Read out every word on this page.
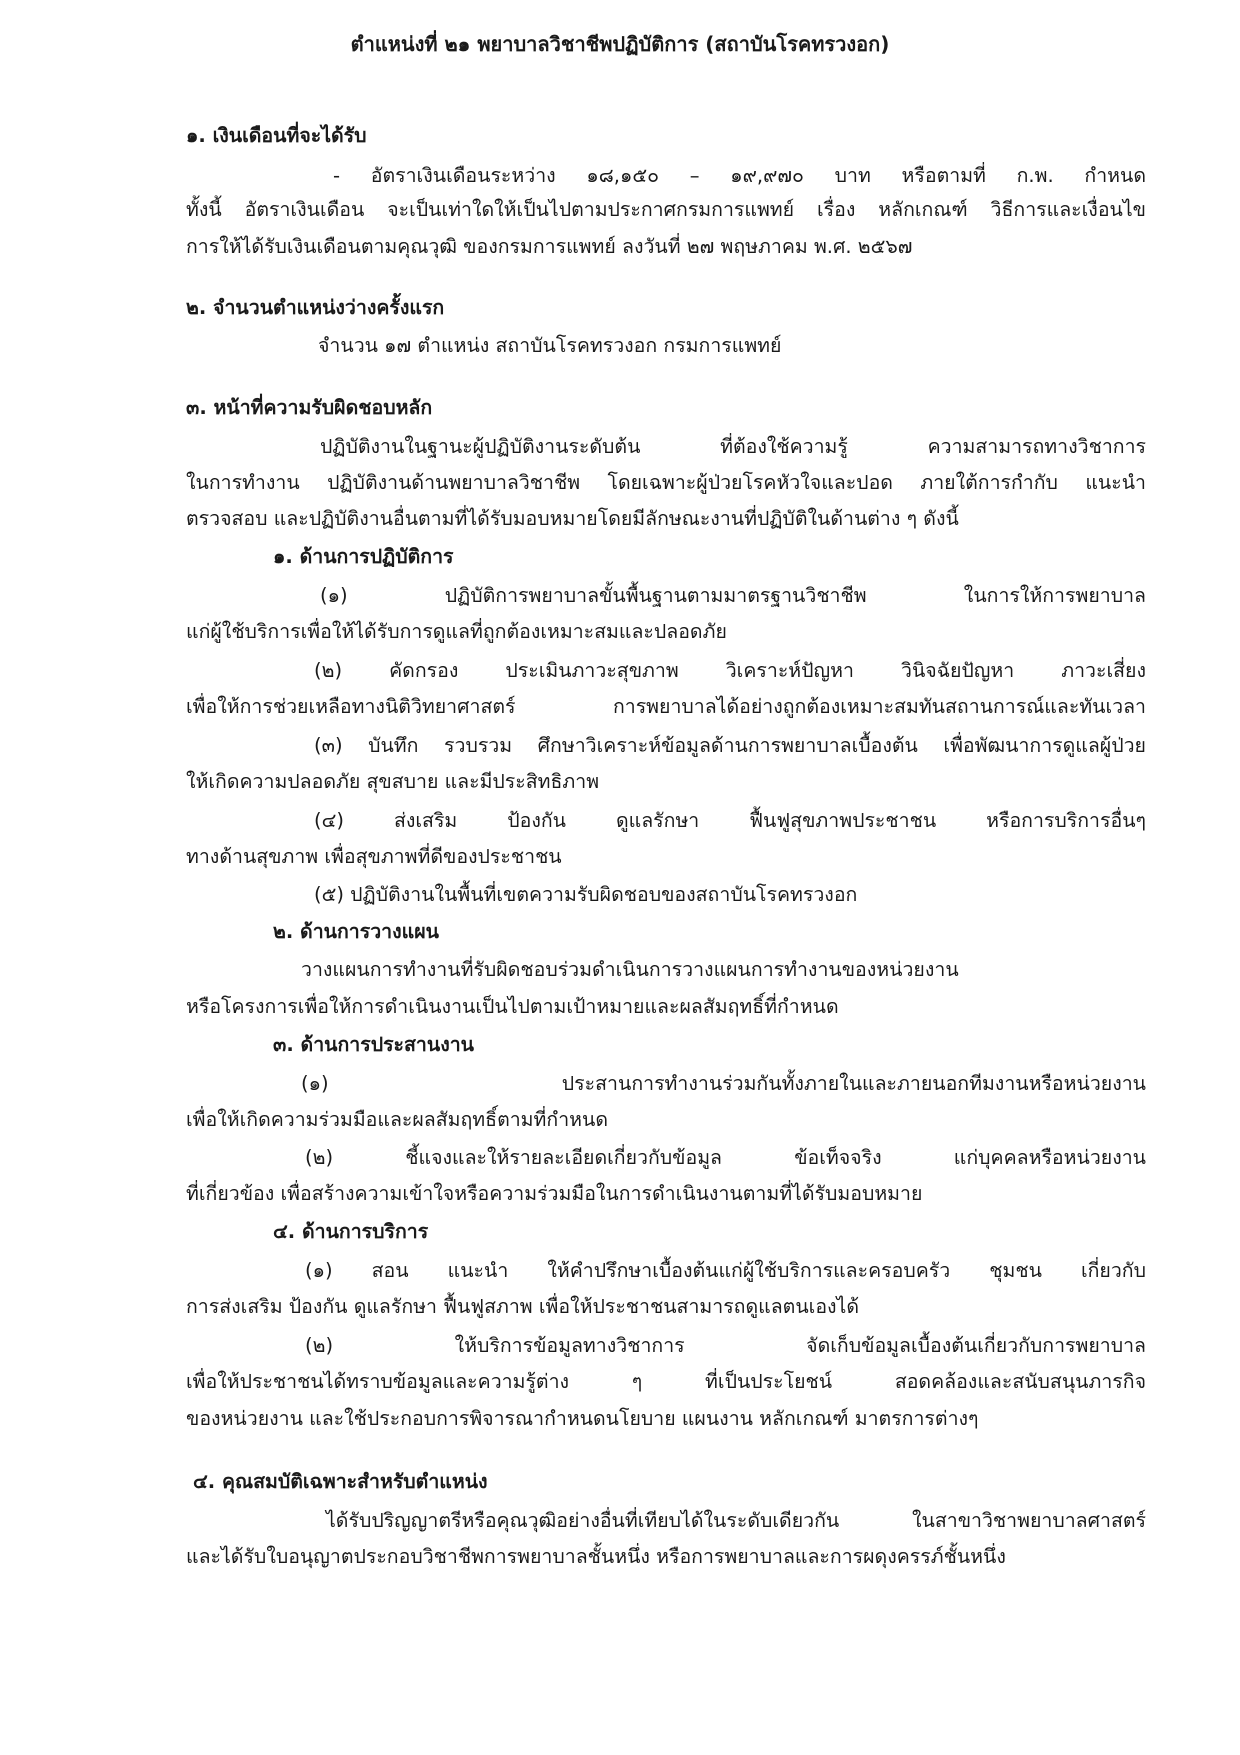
ตำแหน่งที่ ๒๑ พยาบาลวิชาชีพปฏิบัติการ (สถาบันโรคทรวงอก)
๑. เงินเดือนที่จะได้รับ
- อัตราเงินเดือนระหว่าง ๑๘,๑๕๐ – ๑๙,๙๗๐ บาท หรือตามที่ ก.พ. กำหนด
ทั้งนี้ อัตราเงินเดือน จะเป็นเท่าใดให้เป็นไปตามประกาศกรมการแพทย์ เรื่อง หลักเกณฑ์ วิธีการและเงื่อนไข
การให้ได้รับเงินเดือนตามคุณวุฒิ ของกรมการแพทย์ ลงวันที่ ๒๗ พฤษภาคม พ.ศ. ๒๕๖๗
๒. จำนวนตำแหน่งว่างครั้งแรก
จำนวน ๑๗ ตำแหน่ง สถาบันโรคทรวงอก กรมการแพทย์
๓. หน้าที่ความรับผิดชอบหลัก
ปฏิบัติงานในฐานะผู้ปฏิบัติงานระดับต้น ที่ต้องใช้ความรู้ ความสามารถทางวิชาการ
ในการทำงาน ปฏิบัติงานด้านพยาบาลวิชาชีพ โดยเฉพาะผู้ป่วยโรคหัวใจและปอด ภายใต้การกำกับ แนะนำ
ตรวจสอบ และปฏิบัติงานอื่นตามที่ได้รับมอบหมายโดยมีลักษณะงานที่ปฏิบัติในด้านต่าง ๆ ดังนี้
๑. ด้านการปฏิบัติการ
(๑) ปฏิบัติการพยาบาลขั้นพื้นฐานตามมาตรฐานวิชาชีพ ในการให้การพยาบาล
แก่ผู้ใช้บริการเพื่อให้ได้รับการดูแลที่ถูกต้องเหมาะสมและปลอดภัย
(๒) คัดกรอง ประเมินภาวะสุขภาพ วิเคราะห์ปัญหา วินิจฉัยปัญหา ภาวะเสี่ยง
เพื่อให้การช่วยเหลือทางนิติวิทยาศาสตร์ การพยาบาลได้อย่างถูกต้องเหมาะสมทันสถานการณ์และทันเวลา
(๓) บันทึก รวบรวม ศึกษาวิเคราะห์ข้อมูลด้านการพยาบาลเบื้องต้น เพื่อพัฒนาการดูแลผู้ป่วย
ให้เกิดความปลอดภัย สุขสบาย และมีประสิทธิภาพ
(๔) ส่งเสริม ป้องกัน ดูแลรักษา ฟื้นฟูสุขภาพประชาชน หรือการบริการอื่นๆ
ทางด้านสุขภาพ เพื่อสุขภาพที่ดีของประชาชน
(๕) ปฏิบัติงานในพื้นที่เขตความรับผิดชอบของสถาบันโรคทรวงอก
๒. ด้านการวางแผน
วางแผนการทำงานที่รับผิดชอบร่วมดำเนินการวางแผนการทำงานของหน่วยงาน
หรือโครงการเพื่อให้การดำเนินงานเป็นไปตามเป้าหมายและผลสัมฤทธิ์ที่กำหนด
๓. ด้านการประสานงาน
(๑) ประสานการทำงานร่วมกันทั้งภายในและภายนอกทีมงานหรือหน่วยงาน
เพื่อให้เกิดความร่วมมือและผลสัมฤทธิ์ตามที่กำหนด
(๒) ชี้แจงและให้รายละเอียดเกี่ยวกับข้อมูล ข้อเท็จจริง แก่บุคคลหรือหน่วยงาน
ที่เกี่ยวข้อง เพื่อสร้างความเข้าใจหรือความร่วมมือในการดำเนินงานตามที่ได้รับมอบหมาย
๔. ด้านการบริการ
(๑) สอน แนะนำ ให้คำปรึกษาเบื้องต้นแก่ผู้ใช้บริการและครอบครัว ชุมชน เกี่ยวกับ
การส่งเสริม ป้องกัน ดูแลรักษา ฟื้นฟูสภาพ เพื่อให้ประชาชนสามารถดูแลตนเองได้
(๒) ให้บริการข้อมูลทางวิชาการ จัดเก็บข้อมูลเบื้องต้นเกี่ยวกับการพยาบาล
เพื่อให้ประชาชนได้ทราบข้อมูลและความรู้ต่าง ๆ ที่เป็นประโยชน์ สอดคล้องและสนับสนุนภารกิจ
ของหน่วยงาน และใช้ประกอบการพิจารณากำหนดนโยบาย แผนงาน หลักเกณฑ์ มาตรการต่างๆ
๔. คุณสมบัติเฉพาะสำหรับตำแหน่ง
ได้รับปริญญาตรีหรือคุณวุฒิอย่างอื่นที่เทียบได้ในระดับเดียวกัน ในสาขาวิชาพยาบาลศาสตร์
และได้รับใบอนุญาตประกอบวิชาชีพการพยาบาลชั้นหนึ่ง หรือการพยาบาลและการผดุงครรภ์ชั้นหนึ่ง
